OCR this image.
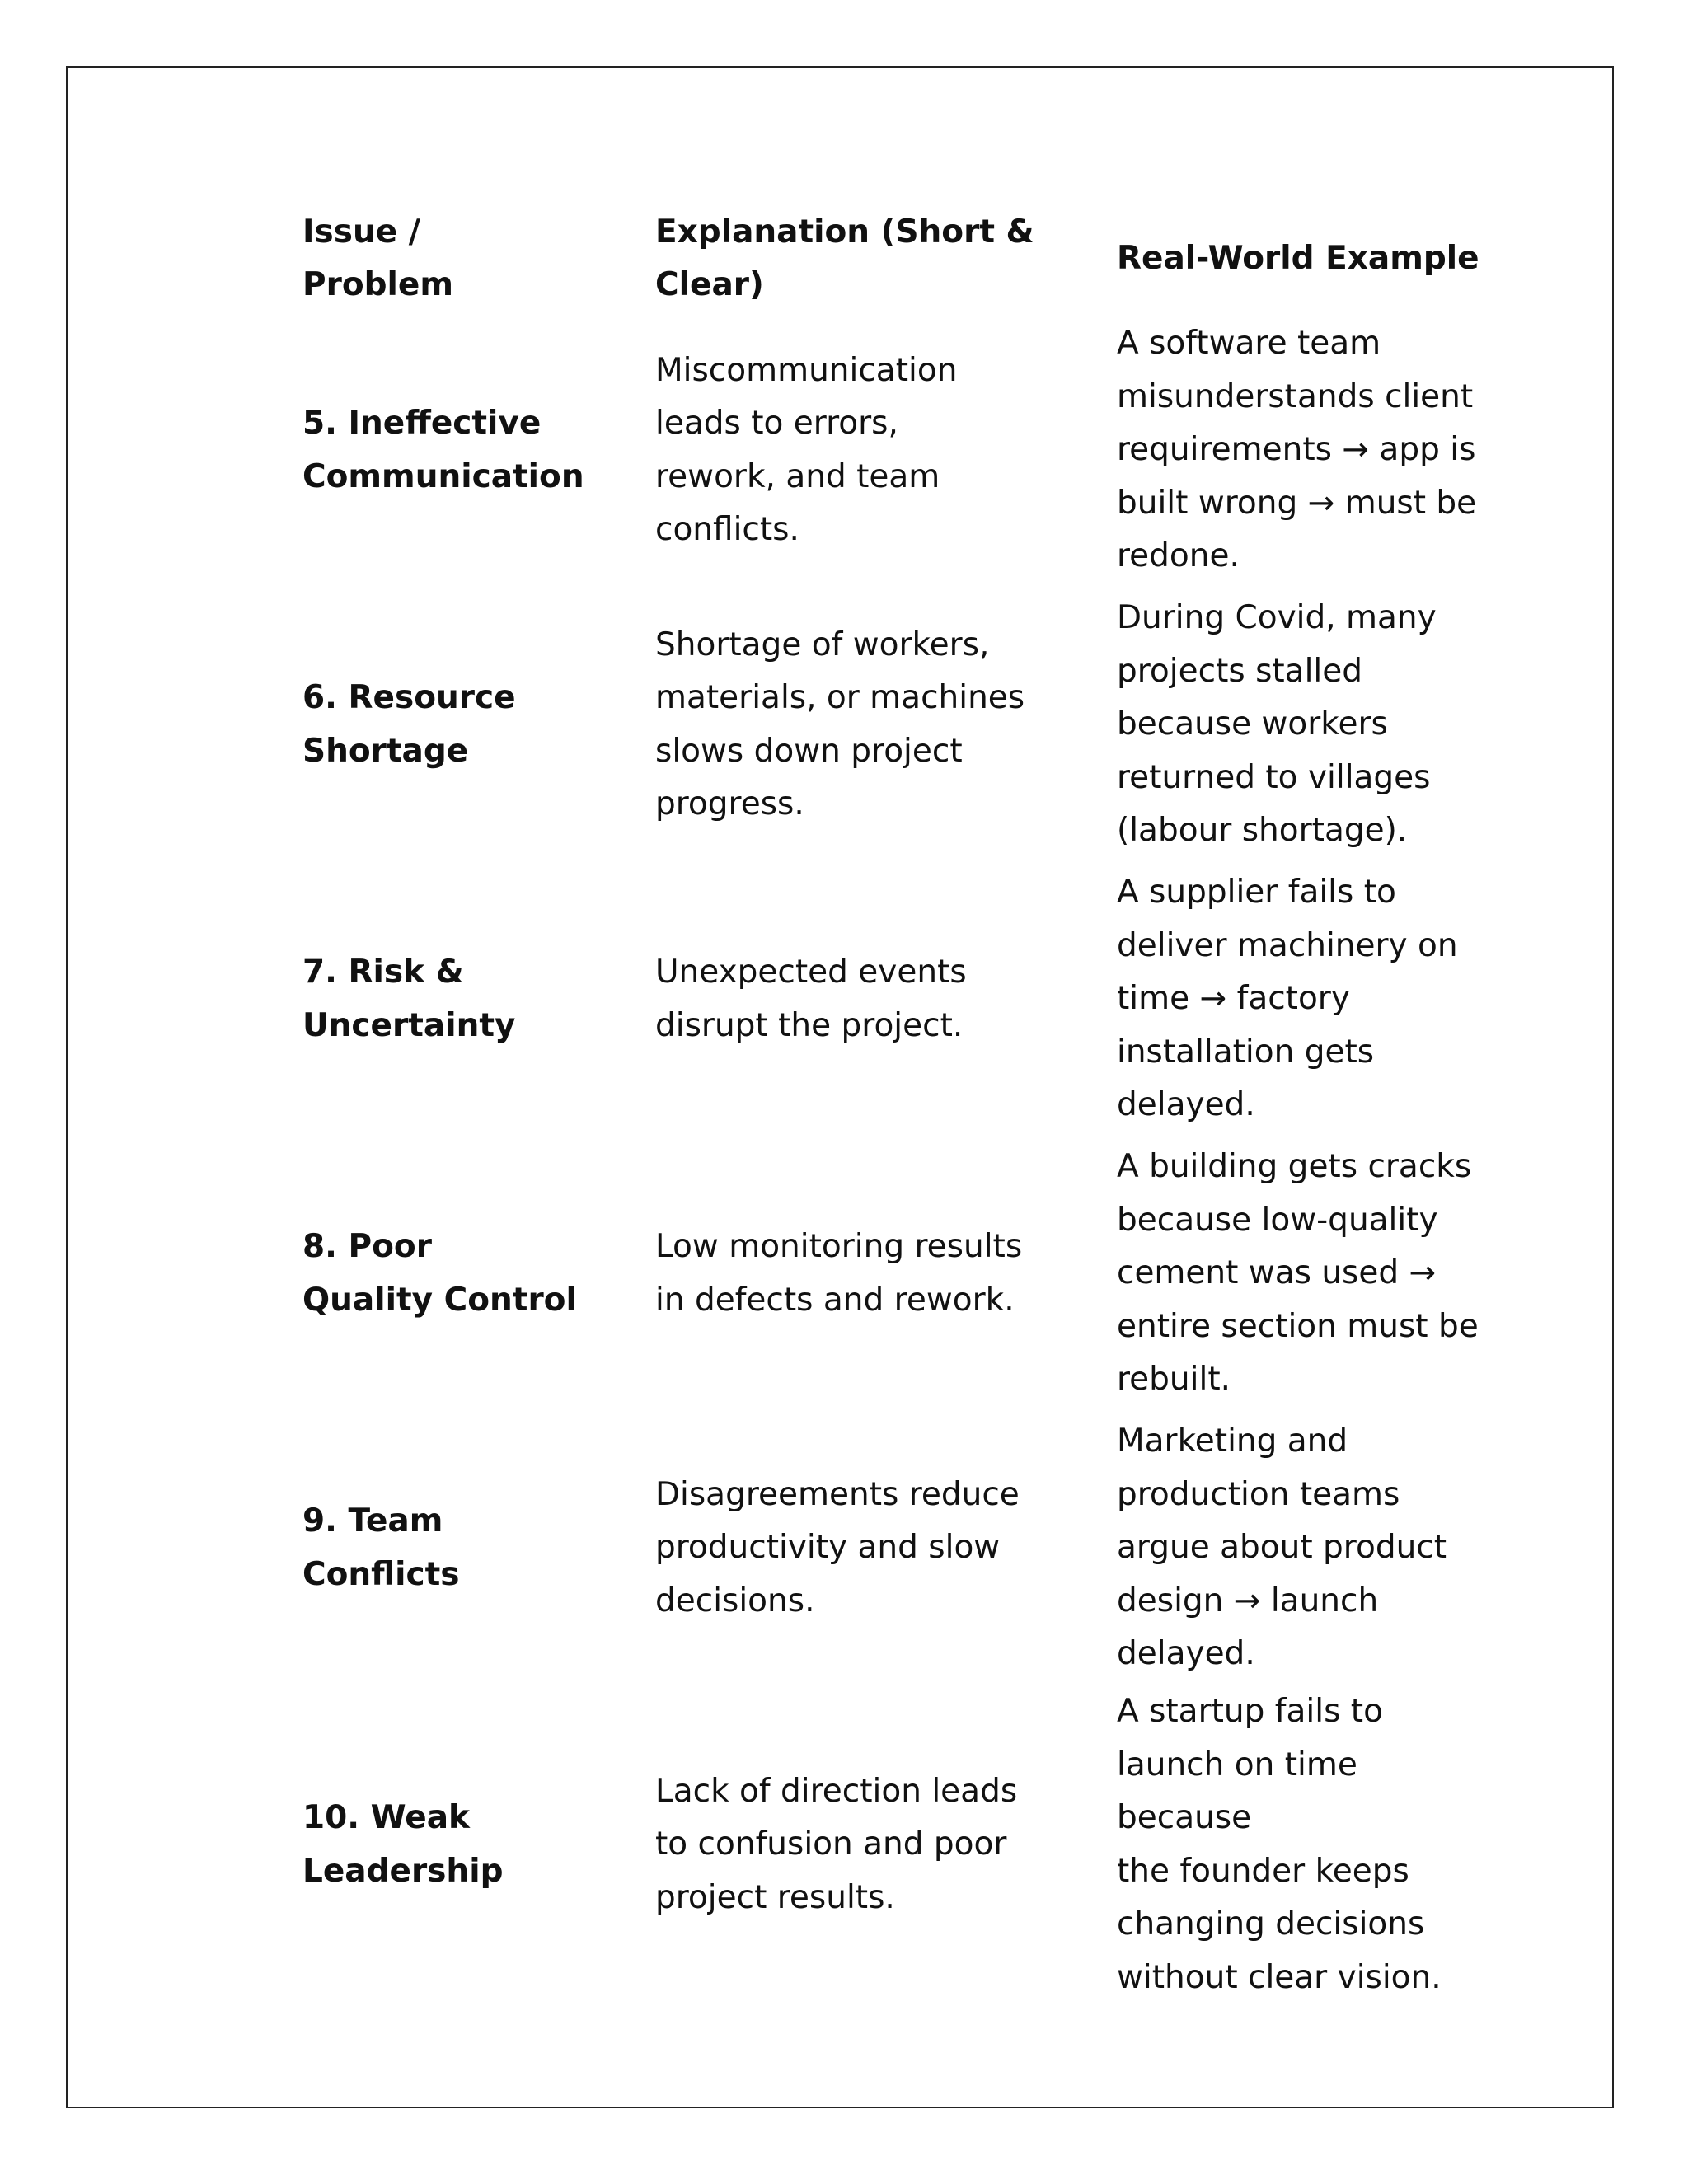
Issue /
Problem
Explanation (Short &
Clear)
Real-World Example
5. Ineffective
Communication
Miscommunication
leads to errors,
rework, and team
conflicts.
A software team
misunderstands client
requirements → app is
built wrong → must be
redone.
6. Resource
Shortage
Shortage of workers,
materials, or machines
slows down project
progress.
During Covid, many
projects stalled
because workers
returned to villages
(labour shortage).
7. Risk &
Uncertainty
Unexpected events
disrupt the project.
A supplier fails to
deliver machinery on
time → factory
installation gets
delayed.
8. Poor
Quality Control
Low monitoring results
in defects and rework.
A building gets cracks
because low-quality
cement was used →
entire section must be
rebuilt.
9. Team
Conflicts
Disagreements reduce
productivity and slow
decisions.
Marketing and
production teams
argue about product
design → launch
delayed.
10. Weak
Leadership
Lack of direction leads
to confusion and poor
project results.
A startup fails to
launch on time because
the founder keeps
changing decisions
without clear vision.
